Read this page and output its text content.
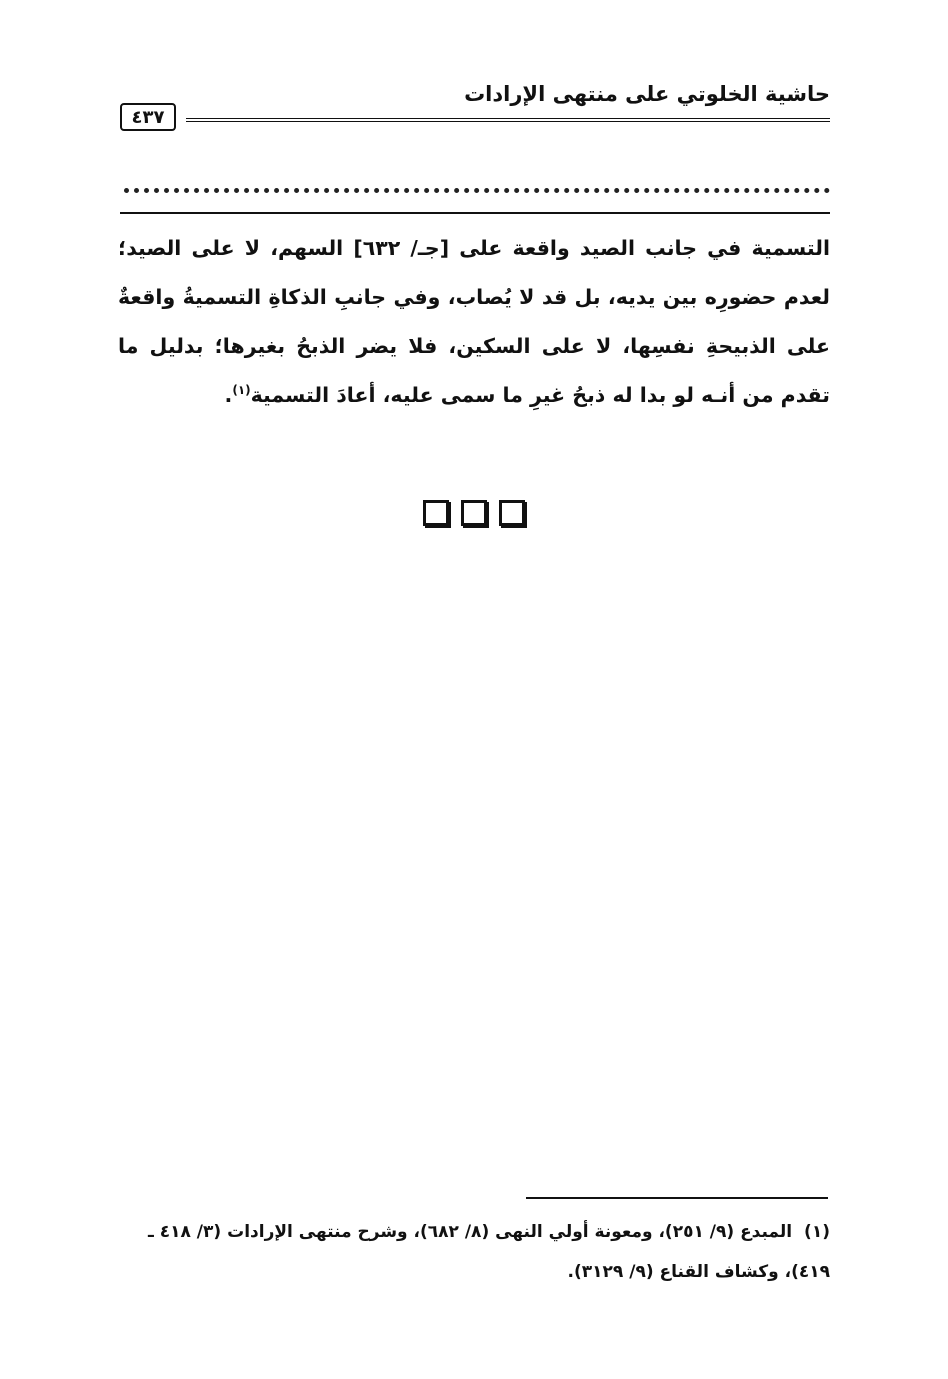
حاشية الخلوتي على منتهى الإرادات
٤٣٧
التسمية في جانب الصيد واقعة على [جـ/ ٦٣٢] السهم، لا على الصيد؛ لعدم حضورِه بين يديه، بل قد لا يُصاب، وفي جانبِ الذكاةِ التسميةُ واقعةٌ على الذبيحةِ نفسِها، لا على السكين، فلا يضر الذبحُ بغيرها؛ بدليل ما تقدم من أنـه لو بدا له ذبحُ غيرِ ما سمى عليه، أعادَ التسمية$^{(١)}$.
(١)المبدع (٩/ ٢٥١)، ومعونة أولي النهى (٨/ ٦٨٢)، وشرح منتهى الإرادات (٣/ ٤١٨ ـ
٤١٩)، وكشاف القناع (٩/ ٣١٢٩).
